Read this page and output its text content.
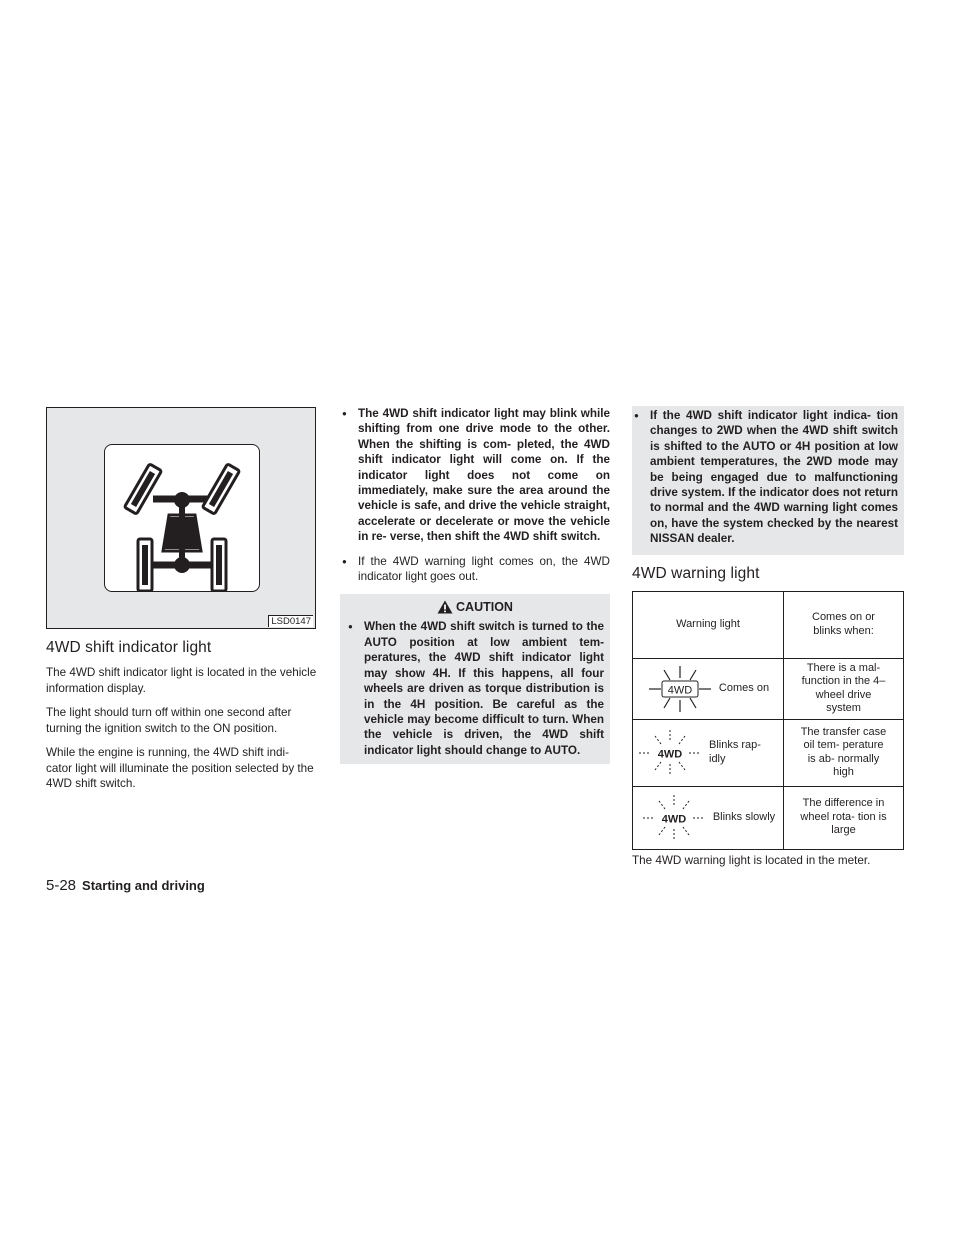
LSD0147
4WD shift indicator light

The 4WD shift indicator light is located in the vehicle information display.

The light should turn off within one second after turning the ignition switch to the ON position.

While the engine is running, the 4WD shift indi- cator light will illuminate the position selected by the 4WD shift switch.

● The 4WD shift indicator light may blink while shifting from one drive mode to the other. When the shifting is com- pleted, the 4WD shift indicator light will come on. If the indicator light does not come on immediately, make sure the area around the vehicle is safe, and drive the vehicle straight, accelerate or decelerate or move the vehicle in re- verse, then shift the 4WD shift switch.
● If the 4WD warning light comes on, the 4WD indicator light goes out.
CAUTION
● When the 4WD shift switch is turned to the AUTO position at low ambient tem- peratures, the 4WD shift indicator light may show 4H. If this happens, all four wheels are driven as torque distribution is in the 4H position. Be careful as the vehicle may become difficult to turn. When the vehicle is driven, the 4WD shift indicator light should change to AUTO.
● If the 4WD shift indicator light indica- tion changes to 2WD when the 4WD shift switch is shifted to the AUTO or 4H position at low ambient temperatures, the 2WD mode may be being engaged due to malfunctioning drive system. If the indicator does not return to normal and the 4WD warning light comes on, have the system checked by the nearest NISSAN dealer.
4WD warning light
Warning light	Comes on or blinks when:

4WD Comes on	There is a mal- function in the 4–wheel drive system

4WD
Blinks rap- idly	The transfer case oil tem- perature is ab- normally high

4WD Blinks slowly	The difference in wheel rota- tion is large
The 4WD warning light is located in the meter.
5-28 Starting and driving
